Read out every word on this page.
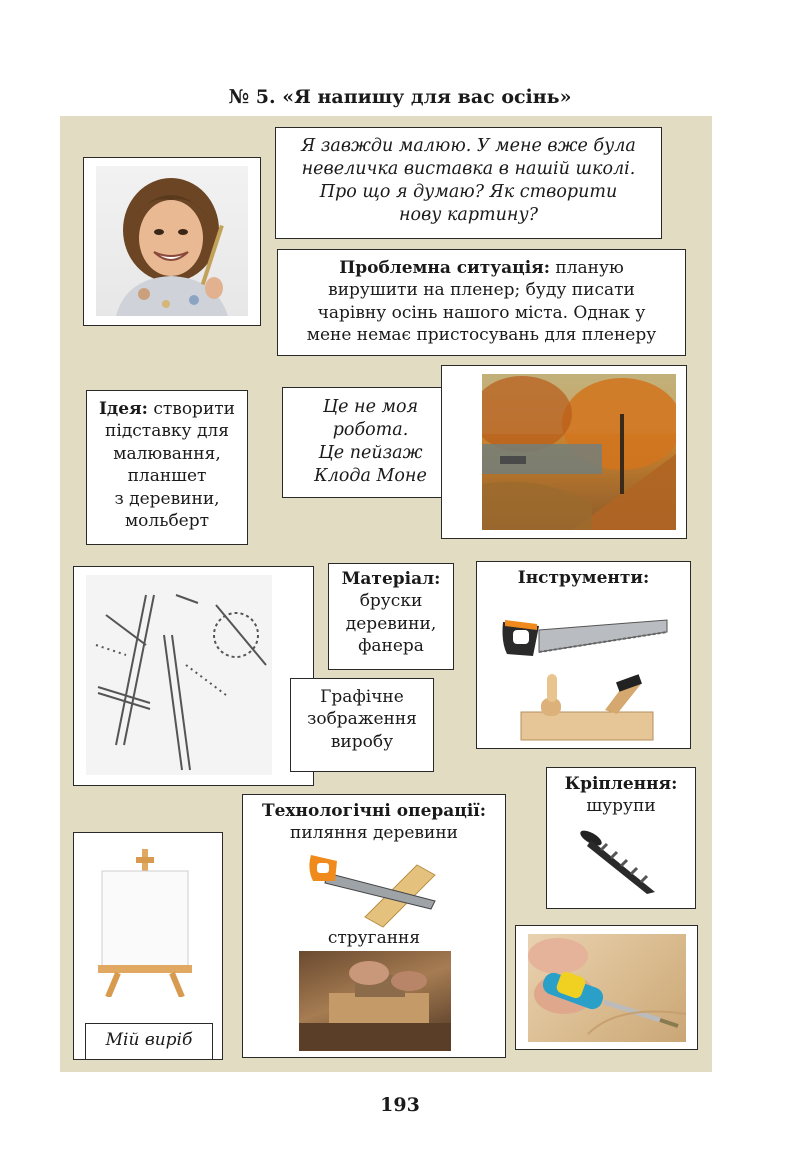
№ 5. «Я напишу для вас осінь»
Я завжди малюю. У мене вже була
невеличка виставка в нашій школі.
Про що я думаю? Як створити
нову картину?
Проблемна ситуація: планую
вирушити на пленер; буду писати
чарівну осінь нашого міста. Однак у
мене немає пристосувань для пленеру
Ідея: створити
підставку для
малювання,
планшет
з деревини,
мольберт
Це не моя
робота.
Це пейзаж
Клода Моне
Матеріал:
бруски
деревини,
фанера
Інструменти:
Графічне
зображення
виробу
Кріплення:
шурупи
Технологічні операції:
пиляння деревини
стругання
Мій виріб
193
